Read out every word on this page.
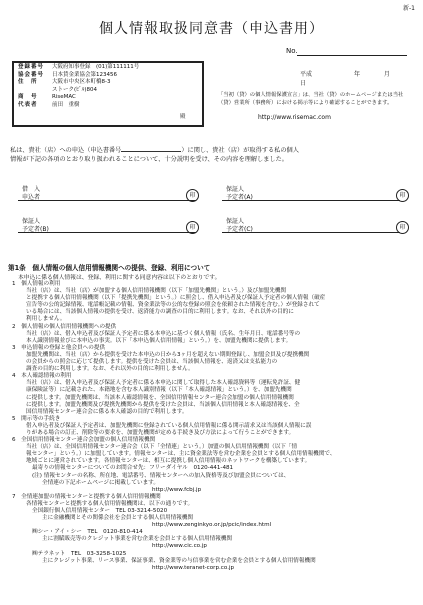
新-1
個人情報取扱同意書（申込書用）
No.
平成	年	月 日
登録番号	大阪府知事登録　(01)第111111号
協会番号	日本賃金業協会第123456
住　所	大阪市中央区本町橋8-3
ストーク(ﾋﾞﾙ)804
商　号	RiseMAC
代表者	前田　重樹
殿
「当初（貸）の個人情報保護宣言」は、当社（貸）のホームページまたは当社（貸）営業所（事務所）における掲示等により確認することができます。
http://www.risemac.com
私は、貴社（店）への申込（申込書番号	）に関し、貴社（店）が取得する私の個人
情報が下記の各項のとおり取り扱われることについて、十分説明を受け、その内容を理解しました。
借　入
申込者	印
保証人
予定者(A)	印
保証人
予定者(B)	印
保証人
予定者(C)	印
第1条　個人情報の個人信用情報機関への提供、登録、利用について
本申込に係る個人情報は、登録、利用に関する同意内容は以下のとおりです。
1　個人情報の利用
当社（店）は、当社（店）が加盟する個人信用情報機関（以下「加盟先機関」という。）及び加盟先機関
と提携する個人信用情報機関（以下「提携先機関」という。）に照会し、借入申込者及び保証人予定者の個人情報（破産
宣告等の公的記録情報、電話帳記載の情報、資金業法等の公的な登録の照会を依頼された情報を含む。）が登録されて
いる場合には、当該個人情報の提供を受け、返済能力の調査の目的に利用します。なお、それ以外の目的に
利用しません。
2　個人情報の個人信用情報機関への提供
当社（店）は、借入申込者及び保証人予定者に係る本申込に基づく個人情報（氏名、生年月日、電話番号等の
本人識別情報並びに本申込の事実。以下「本申込個人信用情報」という。）を、加盟先機関に提供します。
3　申込情報の登録と他会員への提供
加盟先機関は、当社（店）から提供を受けた本申込の日から3ヶ月を超えない期間登録し、加盟会員及び提携機関
の会員からの照会に応じて提供します。提供を受けた会員は、当該個人情報を、返済又は支払能力の
調査の目的に利用します。なお、それ以外の目的に利用しません。
4　本人確認情報の利用
当社（店）は、借入申込者及び保証人予定者に係る本申込に関して取得した本人確認資料等（運転免許証、健
康保険証等）に記載された、本籍地を含む本人識別情報（以下「本人確認情報」という。）を、加盟先機関
に提供します。加盟先機関は、当該本人確認情報を、全国信用情報センター連合会加盟の個人信用情報機関
に提供します。加盟先機関及び提携先機関から提供を受けた会員は、当該個人信用情報と本人確認情報を、全
国信用情報センター連合会に係る本人確認の目的で利用します。
5　開示等の手続き
借入申込者及び保証人予定者は、加盟先機関に登録されている個人信用情報に係る開示請求又は当該個人情報に誤
りがある場合の訂正、削除等の要求を、加盟先機関が定める手続き及び方法によって行うことができます。
6　全国信用情報センター連合会加盟の個人信用情報機関
当社（店）は、全国信用情報センター連合会（以下「全情連」という。）加盟の個人信用情報機関（以下「情
報センター」という。）に加盟しています。情報センターは、主に資金業法等を営む企業を会員とする個人信用情報機関で、
地域ごとに運営されています。各情報センターは、相互に提携し個人信用情報のネットワークを構築しています。
最寄りの情報センターについてのお問合せ先：フリーダイヤル　0120-441-481
(注) 情報センターの名称、所在地、電話番号、情報センターへの加入資格等及び加盟会員については、
全情連の下記ホームページに掲載しています。
http://www.fcbj.jp
7　全情連加盟の情報センターと提携する個人信用情報機関
各情報センターと提携する個人信用情報機関は、以下の通りです。
全国銀行個人信用情報センター　TEL 03-3214-5020
主に金融機関とその関係会社を会員とする個人信用情報機関
http://www.zenginkyo.or.jp/pcic/index.html
㈱シー・アイ・シー　TEL　0120-810-414
主に割賦販売等のクレジット事業を営む企業を会員とする個人信用情報機関
http://www.cic.co.jp
㈱テラネット　TEL　03-3258-1025
主にクレジット事業、リース事業、保証事業、資金業等の与信事業を営む企業を会員とする個人信用情報機関
http://www.teranet-corp.co.jp
